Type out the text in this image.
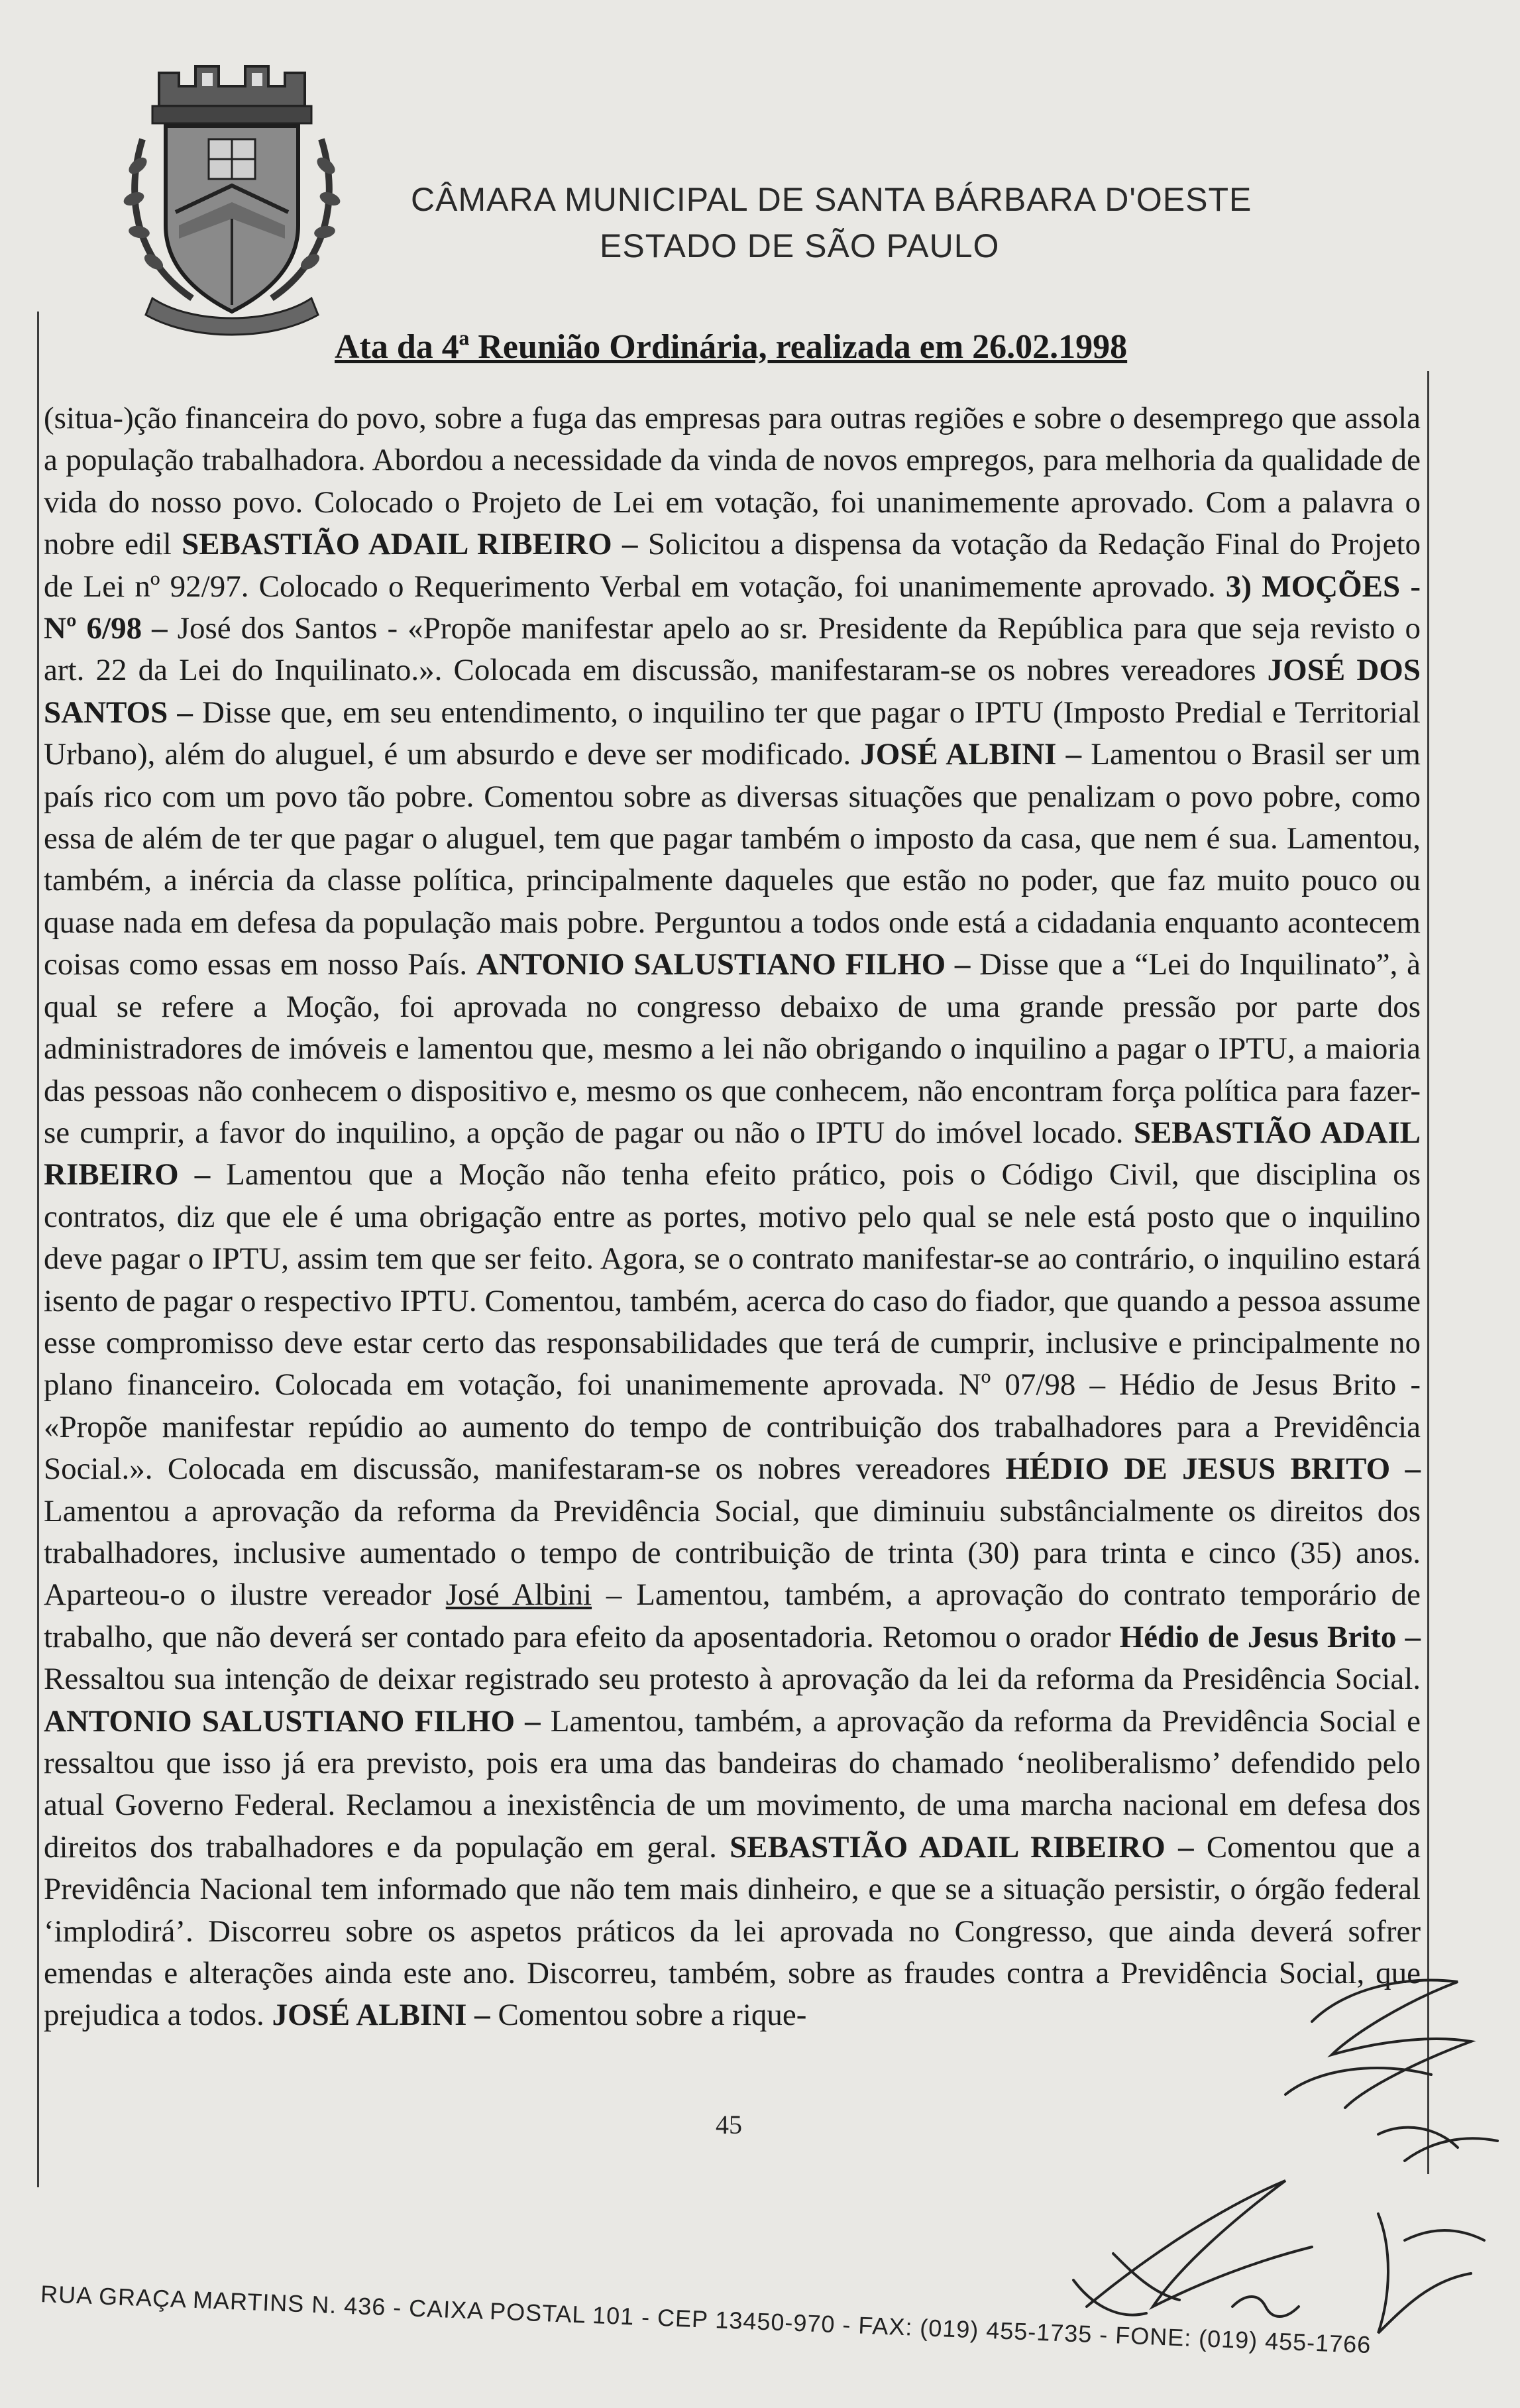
CÂMARA MUNICIPAL DE SANTA BÁRBARA D'OESTE
ESTADO DE SÃO PAULO
Ata da 4ª Reunião Ordinária, realizada em 26.02.1998

(situa-)ção financeira do povo, sobre a fuga das empresas para outras regiões e sobre o desemprego que assola a população trabalhadora. Abordou a necessidade da vinda de novos empregos, para melhoria da qualidade de vida do nosso povo. Colocado o Projeto de Lei em votação, foi unanimemente aprovado. Com a palavra o nobre edil SEBASTIÃO ADAIL RIBEIRO – Solicitou a dispensa da votação da Redação Final do Projeto de Lei nº 92/97. Colocado o Requerimento Verbal em votação, foi unanimemente aprovado. 3) MOÇÕES - Nº 6/98 – José dos Santos - «Propõe manifestar apelo ao sr. Presidente da República para que seja revisto o art. 22 da Lei do Inquilinato.». Colocada em discussão, manifestaram-se os nobres vereadores JOSÉ DOS SANTOS – Disse que, em seu entendimento, o inquilino ter que pagar o IPTU (Imposto Predial e Territorial Urbano), além do aluguel, é um absurdo e deve ser modificado. JOSÉ ALBINI – Lamentou o Brasil ser um país rico com um povo tão pobre. Comentou sobre as diversas situações que penalizam o povo pobre, como essa de além de ter que pagar o aluguel, tem que pagar também o imposto da casa, que nem é sua. Lamentou, também, a inércia da classe política, principalmente daqueles que estão no poder, que faz muito pouco ou quase nada em defesa da população mais pobre. Perguntou a todos onde está a cidadania enquanto acontecem coisas como essas em nosso País. ANTONIO SALUSTIANO FILHO – Disse que a “Lei do Inquilinato”, à qual se refere a Moção, foi aprovada no congresso debaixo de uma grande pressão por parte dos administradores de imóveis e lamentou que, mesmo a lei não obrigando o inquilino a pagar o IPTU, a maioria das pessoas não conhecem o dispositivo e, mesmo os que conhecem, não encontram força política para fazer-se cumprir, a favor do inquilino, a opção de pagar ou não o IPTU do imóvel locado. SEBASTIÃO ADAIL RIBEIRO – Lamentou que a Moção não tenha efeito prático, pois o Código Civil, que disciplina os contratos, diz que ele é uma obrigação entre as portes, motivo pelo qual se nele está posto que o inquilino deve pagar o IPTU, assim tem que ser feito. Agora, se o contrato manifestar-se ao contrário, o inquilino estará isento de pagar o respectivo IPTU. Comentou, também, acerca do caso do fiador, que quando a pessoa assume esse compromisso deve estar certo das responsabilidades que terá de cumprir, inclusive e principalmente no plano financeiro. Colocada em votação, foi unanimemente aprovada. Nº 07/98 – Hédio de Jesus Brito - «Propõe manifestar repúdio ao aumento do tempo de contribuição dos trabalhadores para a Previdência Social.». Colocada em discussão, manifestaram-se os nobres vereadores HÉDIO DE JESUS BRITO – Lamentou a aprovação da reforma da Previdência Social, que diminuiu substâncialmente os direitos dos trabalhadores, inclusive aumentado o tempo de contribuição de trinta (30) para trinta e cinco (35) anos. Aparteou-o o ilustre vereador José Albini – Lamentou, também, a aprovação do contrato temporário de trabalho, que não deverá ser contado para efeito da aposentadoria. Retomou o orador Hédio de Jesus Brito – Ressaltou sua intenção de deixar registrado seu protesto à aprovação da lei da reforma da Presidência Social. ANTONIO SALUSTIANO FILHO – Lamentou, também, a aprovação da reforma da Previdência Social e ressaltou que isso já era previsto, pois era uma das bandeiras do chamado ‘neoliberalismo’ defendido pelo atual Governo Federal. Reclamou a inexistência de um movimento, de uma marcha nacional em defesa dos direitos dos trabalhadores e da população em geral. SEBASTIÃO ADAIL RIBEIRO – Comentou que a Previdência Nacional tem informado que não tem mais dinheiro, e que se a situação persistir, o órgão federal ‘implodirá’. Discorreu sobre os aspetos práticos da lei aprovada no Congresso, que ainda deverá sofrer emendas e alterações ainda este ano. Discorreu, também, sobre as fraudes contra a Previdência Social, que prejudica a todos. JOSÉ ALBINI – Comentou sobre a rique-

45
RUA GRAÇA MARTINS N. 436 - CAIXA POSTAL 101 - CEP 13450-970 - FAX: (019) 455-1735 - FONE: (019) 455-1766
